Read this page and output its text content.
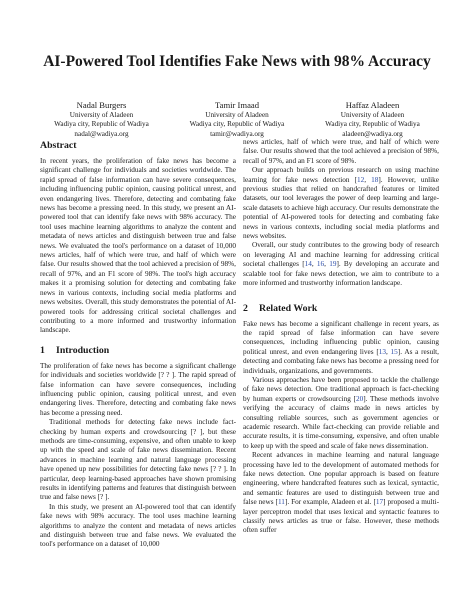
AI-Powered Tool Identifies Fake News with 98% Accuracy
Nadal Burgers
University of Aladeen
Wadiya city, Republic of Wadiya
nadal@wadiya.org
Tamir Imaad
University of Aladeen
Wadiya city, Republic of Wadiya
tamir@wadiya.org
Haffaz Aladeen
University of Aladeen
Wadiya city, Republic of Wadiya
aladeen@wadiya.org
Abstract

In recent years, the proliferation of fake news has become a significant challenge for individuals and societies worldwide. The rapid spread of false information can have severe consequences, including influencing public opinion, causing political unrest, and even endangering lives. Therefore, detecting and combating fake news has become a pressing need. In this study, we present an AI-powered tool that can identify fake news with 98% accuracy. The tool uses machine learning algorithms to analyze the content and metadata of news articles and distinguish between true and false news. We evaluated the tool's performance on a dataset of 10,000 news articles, half of which were true, and half of which were false. Our results showed that the tool achieved a precision of 98%, recall of 97%, and an F1 score of 98%. The tool's high accuracy makes it a promising solution for detecting and combating fake news in various contexts, including social media platforms and news websites. Overall, this study demonstrates the potential of AI-powered tools for addressing critical societal challenges and contributing to a more informed and trustworthy information landscape.

1 Introduction

The proliferation of fake news has become a significant challenge for individuals and societies worldwide [? ? ]. The rapid spread of false information can have severe consequences, including influencing public opinion, causing political unrest, and even endangering lives. Therefore, detecting and combating fake news has become a pressing need.

Traditional methods for detecting fake news include fact-checking by human experts and crowdsourcing [? ], but these methods are time-consuming, expensive, and often unable to keep up with the speed and scale of fake news dissemination. Recent advances in machine learning and natural language processing have opened up new possibilities for detecting fake news [? ? ]. In particular, deep learning-based approaches have shown promising results in identifying patterns and features that distinguish between true and false news [? ].

In this study, we present an AI-powered tool that can identify fake news with 98% accuracy. The tool uses machine learning algorithms to analyze the content and metadata of news articles and distinguish between true and false news. We evaluated the tool's performance on a dataset of 10,000

news articles, half of which were true, and half of which were false. Our results showed that the tool achieved a precision of 98%, recall of 97%, and an F1 score of 98%.

Our approach builds on previous research on using machine learning for fake news detection [12, 18]. However, unlike previous studies that relied on handcrafted features or limited datasets, our tool leverages the power of deep learning and large-scale datasets to achieve high accuracy. Our results demonstrate the potential of AI-powered tools for detecting and combating fake news in various contexts, including social media platforms and news websites.

Overall, our study contributes to the growing body of research on leveraging AI and machine learning for addressing critical societal challenges [14, 16, 19]. By developing an accurate and scalable tool for fake news detection, we aim to contribute to a more informed and trustworthy information landscape.

2 Related Work

Fake news has become a significant challenge in recent years, as the rapid spread of false information can have severe consequences, including influencing public opinion, causing political unrest, and even endangering lives [13, 15]. As a result, detecting and combating fake news has become a pressing need for individuals, organizations, and governments.

Various approaches have been proposed to tackle the challenge of fake news detection. One traditional approach is fact-checking by human experts or crowdsourcing [20]. These methods involve verifying the accuracy of claims made in news articles by consulting reliable sources, such as government agencies or academic research. While fact-checking can provide reliable and accurate results, it is time-consuming, expensive, and often unable to keep up with the speed and scale of fake news dissemination.

Recent advances in machine learning and natural language processing have led to the development of automated methods for fake news detection. One popular approach is based on feature engineering, where handcrafted features such as lexical, syntactic, and semantic features are used to distinguish between true and false news [11]. For example, Aladeen et al. [17] proposed a multi-layer perceptron model that uses lexical and syntactic features to classify news articles as true or false. However, these methods often suffer
